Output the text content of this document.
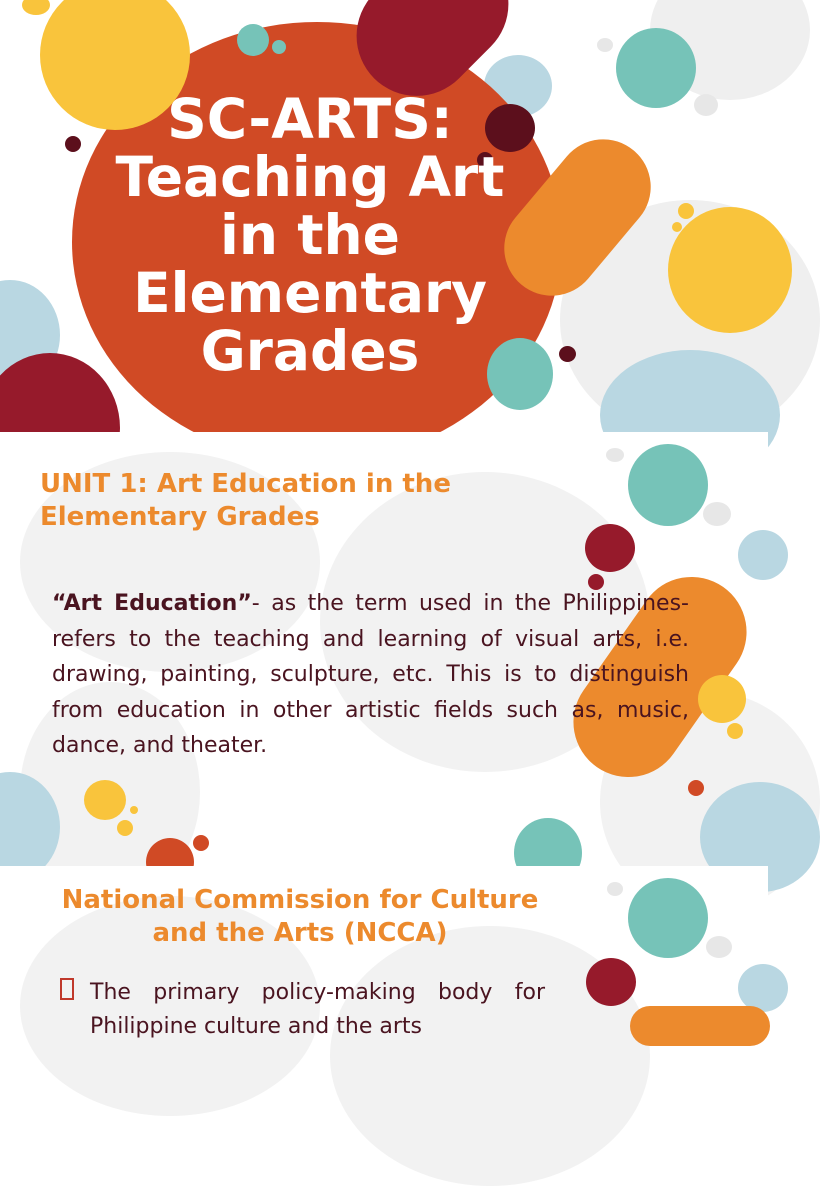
SC-ARTS: Teaching Art in the Elementary Grades
UNIT 1: Art Education in the Elementary Grades

“Art Education”- as the term used in the Philippines- refers to the teaching and learning of visual arts, i.e. drawing, painting, sculpture, etc. This is to distinguish from education in other artistic fields such as, music, dance, and theater.

National Commission for Culture and the Arts (NCCA)

The primary policy-making body for Philippine culture and the arts
